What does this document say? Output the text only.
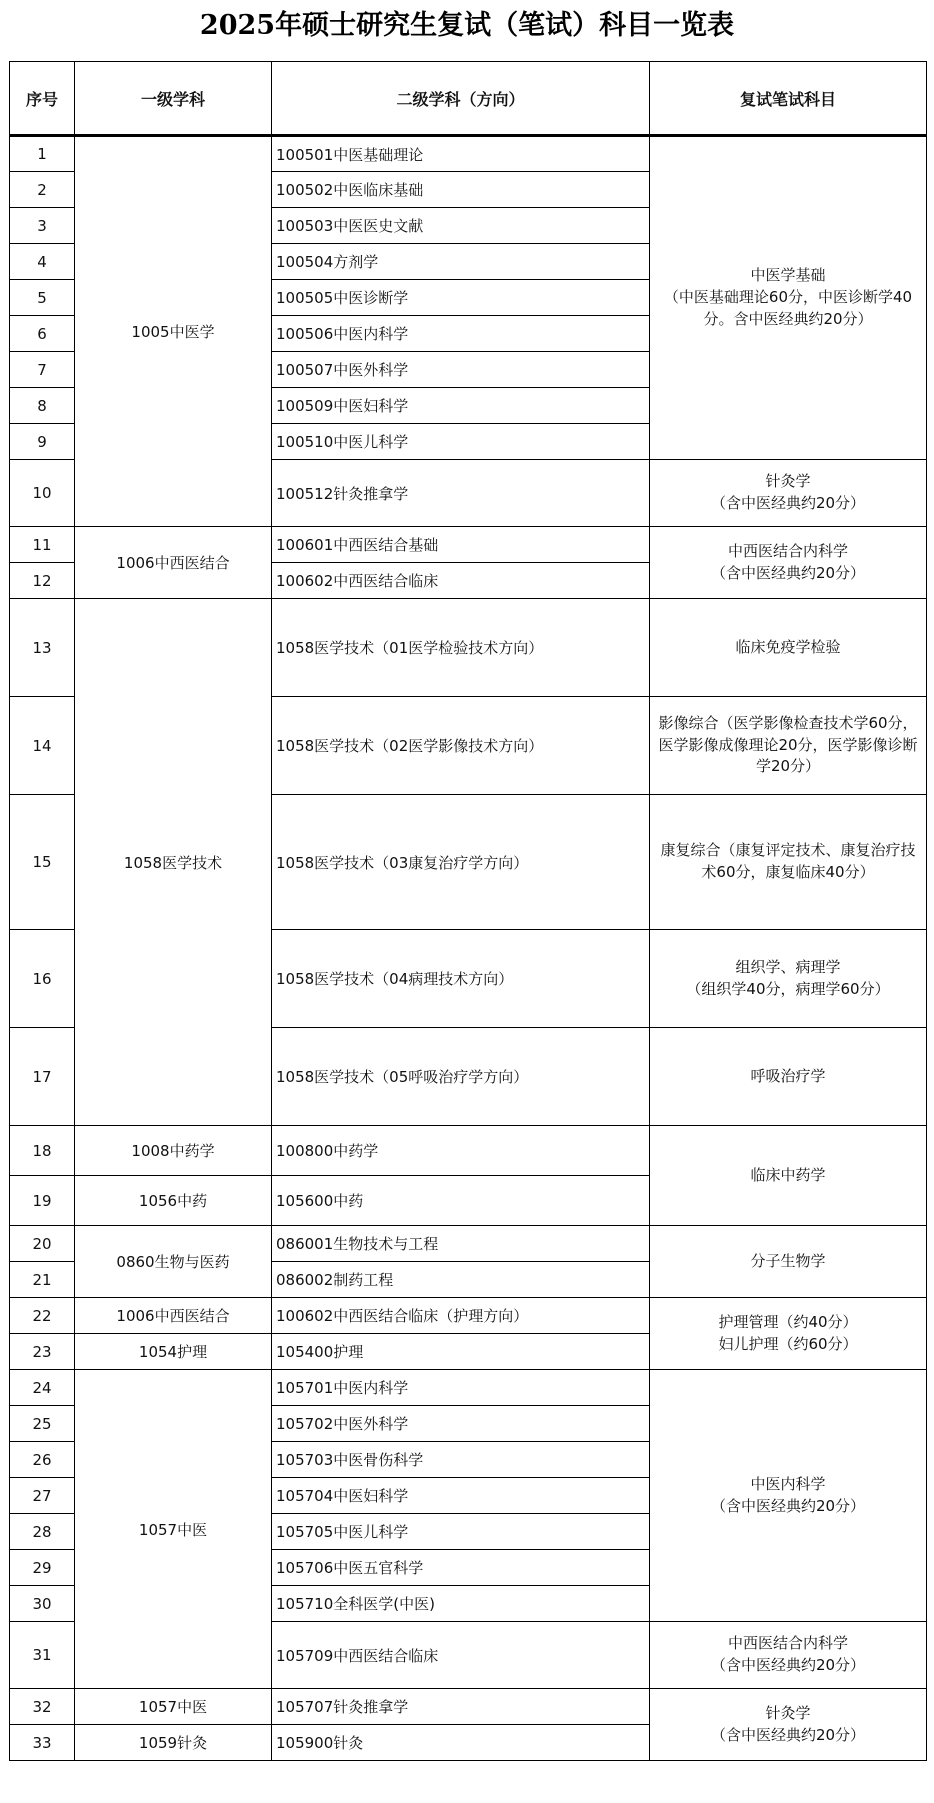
2025年硕士研究生复试（笔试）科目一览表
序号	一级学科	二级学科（方向）	复试笔试科目
1	1005中医学	100501中医基础理论	中医学基础
（中医基础理论60分，中医诊断学40分。含中医经典约20分）
2		100502中医临床基础	
3		100503中医医史文献	
4		100504方剂学	
5		100505中医诊断学	
6		100506中医内科学	
7		100507中医外科学	
8		100509中医妇科学	
9		100510中医儿科学	
10		100512针灸推拿学	针灸学
（含中医经典约20分）
11	1006中西医结合	100601中西医结合基础	中西医结合内科学
（含中医经典约20分）
12		100602中西医结合临床	
13	1058医学技术	1058医学技术（01医学检验技术方向）	临床免疫学检验
14		1058医学技术（02医学影像技术方向）	影像综合（医学影像检查技术学60分，医学影像成像理论20分，医学影像诊断学20分）
15		1058医学技术（03康复治疗学方向）	康复综合（康复评定技术、康复治疗技术60分，康复临床40分）
16		1058医学技术（04病理技术方向）	组织学、病理学
（组织学40分，病理学60分）
17		1058医学技术（05呼吸治疗学方向）	呼吸治疗学
18	1008中药学	100800中药学	临床中药学
19	1056中药	105600中药	
20	0860生物与医药	086001生物技术与工程	分子生物学
21		086002制药工程	
22	1006中西医结合	100602中西医结合临床（护理方向）	护理管理（约40分）
妇儿护理（约60分）
23	1054护理	105400护理	
24	1057中医	105701中医内科学	中医内科学
（含中医经典约20分）
25		105702中医外科学	
26		105703中医骨伤科学	
27		105704中医妇科学	
28		105705中医儿科学	
29		105706中医五官科学	
30		105710全科医学(中医)	
31		105709中西医结合临床	中西医结合内科学
（含中医经典约20分）
32	1057中医	105707针灸推拿学	针灸学
（含中医经典约20分）
33	1059针灸	105900针灸	
